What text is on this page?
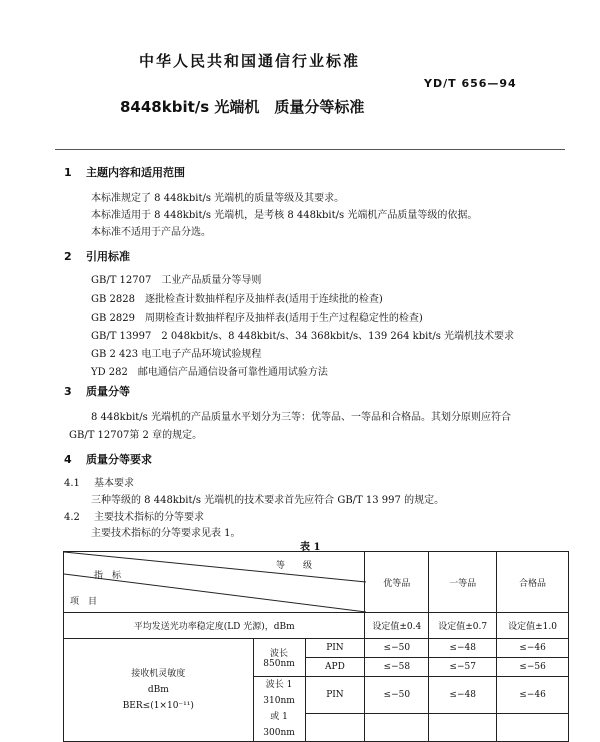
中华人民共和国通信行业标准
YD/T 656—94
8448kbit/s 光端机　质量分等标准
1 主题内容和适用范围
本标准规定了 8 448kbit/s 光端机的质量等级及其要求。
本标准适用于 8 448kbit/s 光端机，是考核 8 448kbit/s 光端机产品质量等级的依据。
本标准不适用于产品分选。
2 引用标准
GB/T 12707　工业产品质量分等导则
GB 2828　逐批检查计数抽样程序及抽样表(适用于连续批的检查)
GB 2829　周期检查计数抽样程序及抽样表(适用于生产过程稳定性的检查)
GB/T 13997　2 048kbit/s、8 448kbit/s、34 368kbit/s、139 264 kbit/s 光端机技术要求
GB 2 423 电工电子产品环境试验规程
YD 282　邮电通信产品通信设备可靠性通用试验方法
3 质量分等
8 448kbit/s 光端机的产品质量水平划分为三等：优等品、一等品和合格品。其划分原则应符合
GB/T 12707第 2 章的规定。
4 质量分等要求
4.1 基本要求
三种等级的 8 448kbit/s 光端机的技术要求首先应符合 GB/T 13 997 的规定。
4.2 主要技术指标的分等要求
主要技术指标的分等要求见表 1。
表 1
等　　级
指　标
项　目			优等品	一等品	合格品
平均发送光功率稳定度(LD 光源)，dBm			设定值±0.4	设定值±0.7	设定值±1.0

接收机灵敏度
dBm
BER≤(1×10⁻¹¹)	波长 850nm	PIN	≤−50	≤−48	≤−46
		APD	≤−58	≤−57	≤−56

	波长 1 310nm
或 1 300nm	PIN	≤−50	≤−48	≤−46
